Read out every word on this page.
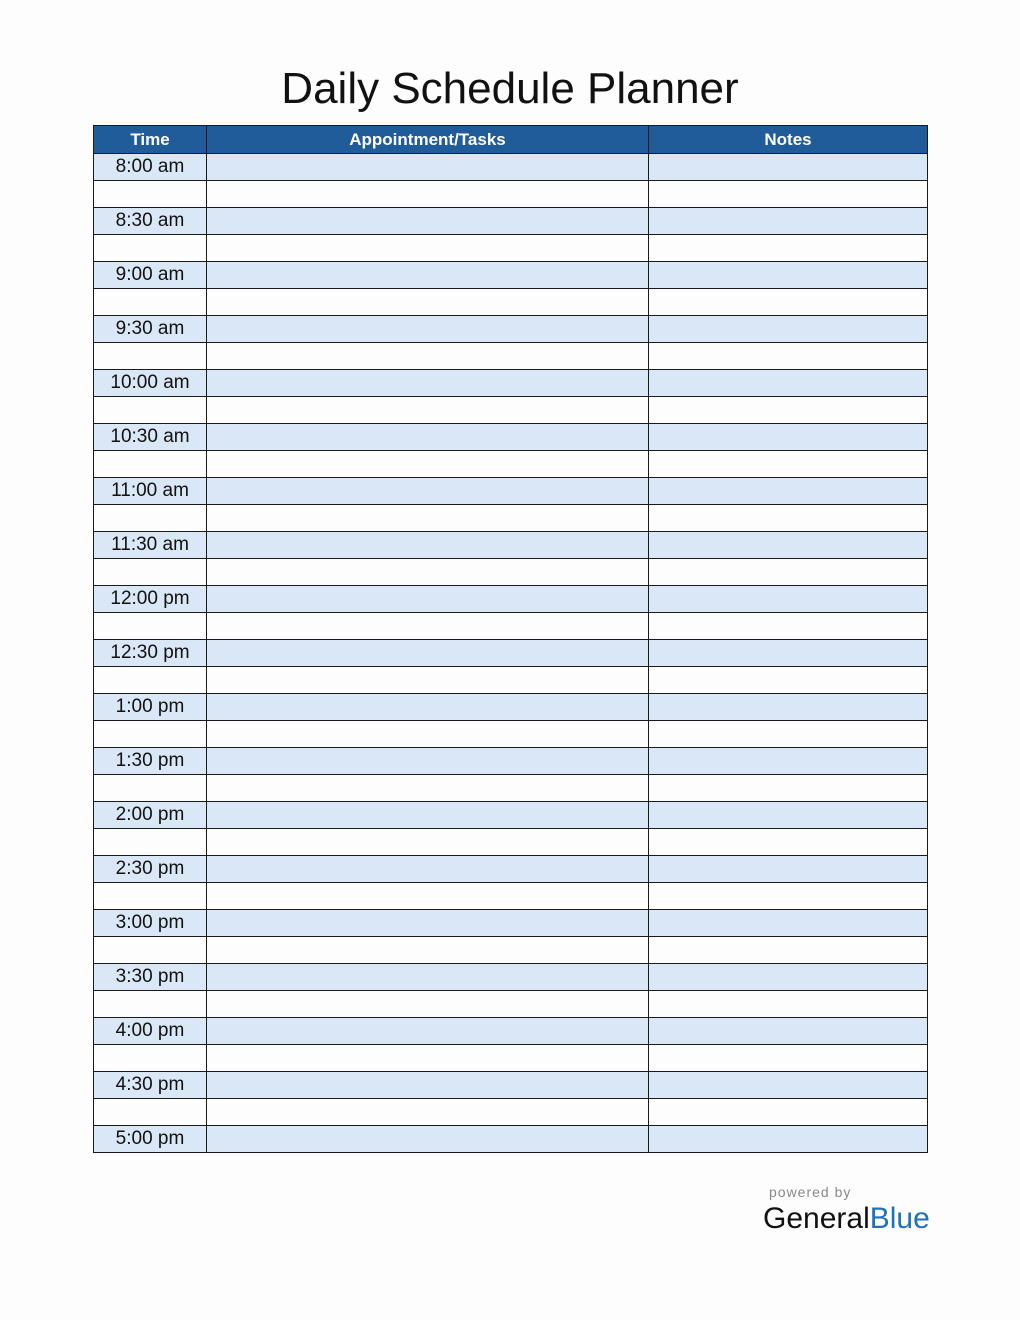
Daily Schedule Planner
Time	Appointment/Tasks	Notes
8:00 am		

8:30 am		

9:00 am		

9:30 am		

10:00 am		

10:30 am		

11:00 am		

11:30 am		

12:00 pm		

12:30 pm		

1:00 pm		

1:30 pm		

2:00 pm		

2:30 pm		

3:00 pm		

3:30 pm		

4:00 pm		

4:30 pm		

5:00 pm		
powered by
GeneralBlue
